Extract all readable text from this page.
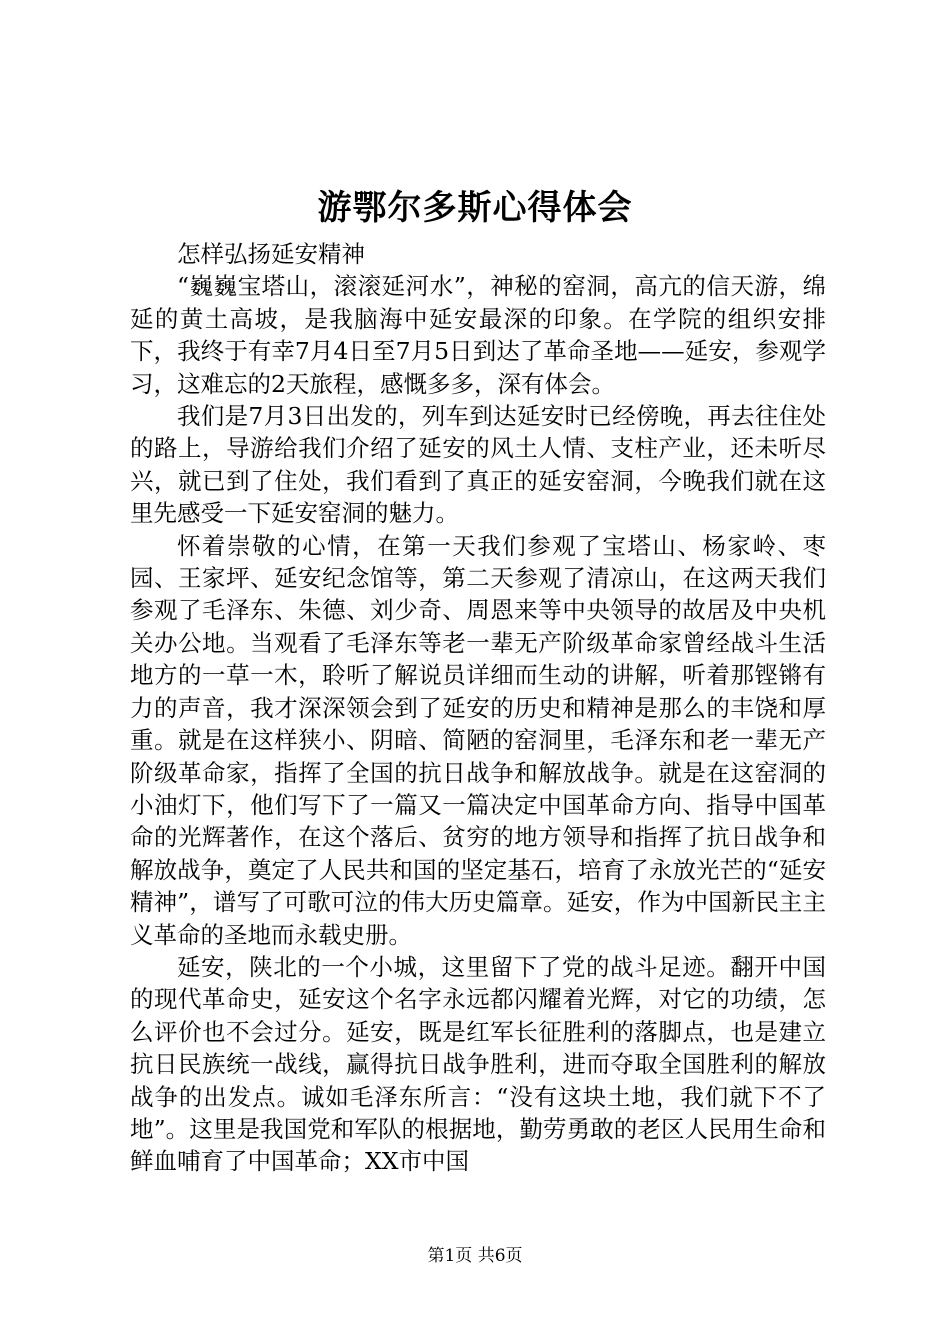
游鄂尔多斯心得体会

怎样弘扬延安精神

“巍巍宝塔山，滚滚延河水”，神秘的窑洞，高亢的信天游，绵延的黄土高坡，是我脑海中延安最深的印象。在学院的组织安排下，我终于有幸7月4日至7月5日到达了革命圣地——延安，参观学习，这难忘的2天旅程，感慨多多，深有体会。

我们是7月3日出发的，列车到达延安时已经傍晚，再去往住处的路上，导游给我们介绍了延安的风土人情、支柱产业，还未听尽兴，就已到了住处，我们看到了真正的延安窑洞，今晚我们就在这里先感受一下延安窑洞的魅力。

怀着崇敬的心情，在第一天我们参观了宝塔山、杨家岭、枣园、王家坪、延安纪念馆等，第二天参观了清凉山，在这两天我们参观了毛泽东、朱德、刘少奇、周恩来等中央领导的故居及中央机关办公地。当观看了毛泽东等老一辈无产阶级革命家曾经战斗生活地方的一草一木，聆听了解说员详细而生动的讲解，听着那铿锵有力的声音，我才深深领会到了延安的历史和精神是那么的丰饶和厚重。就是在这样狭小、阴暗、简陋的窑洞里，毛泽东和老一辈无产阶级革命家，指挥了全国的抗日战争和解放战争。就是在这窑洞的小油灯下，他们写下了一篇又一篇决定中国革命方向、指导中国革命的光辉著作，在这个落后、贫穷的地方领导和指挥了抗日战争和解放战争，奠定了人民共和国的坚定基石，培育了永放光芒的“延安精神”，谱写了可歌可泣的伟大历史篇章。延安，作为中国新民主主义革命的圣地而永载史册。

延安，陕北的一个小城，这里留下了党的战斗足迹。翻开中国的现代革命史，延安这个名字永远都闪耀着光辉，对它的功绩，怎么评价也不会过分。延安，既是红军长征胜利的落脚点，也是建立抗日民族统一战线，赢得抗日战争胜利，进而夺取全国胜利的解放战争的出发点。诚如毛泽东所言：“没有这块土地，我们就下不了地”。这里是我国党和军队的根据地，勤劳勇敢的老区人民用生命和鲜血哺育了中国革命；XX市中国

第1页 共6页
